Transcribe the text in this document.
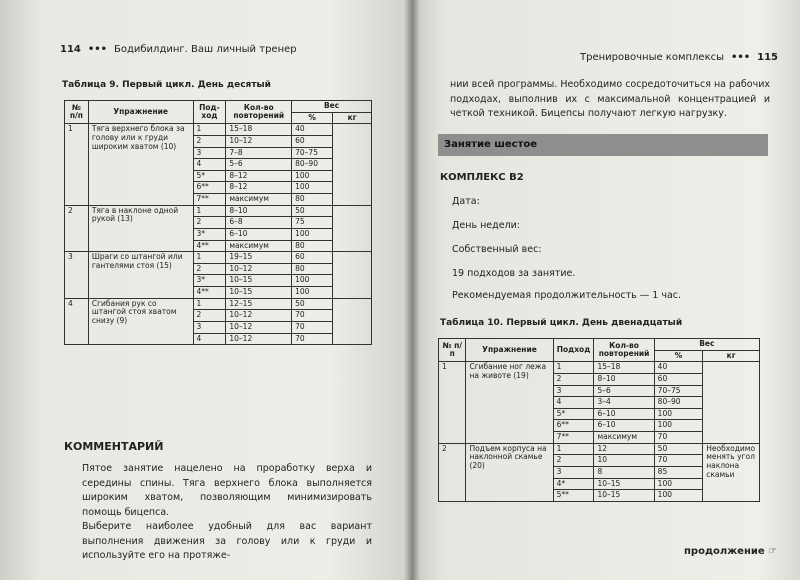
114 ••• Бодибилдинг. Ваш личный тренер
Таблица 9. Первый цикл. День десятый
№ п/п	Упражнение	Под-ход	Кол-во повторений	Вес	
				%	кг
1	Тяга верхнего блока за голову или к груди широким хватом (10)	1	15–18	40	
		2	10–12	60	
		3	7–8	70–75	
		4	5–6	80–90	
		5*	8–12	100	
		6**	8–12	100	
		7**	максимум	80	
2	Тяга в наклоне одной рукой (13)	1	8–10	50	
		2	6–8	75	
		3*	6–10	100	
		4**	максимум	80	
3	Шраги со штангой или гантелями стоя (15)	1	19–15	60	
		2	10–12	80	
		3*	10–15	100	
		4**	10–15	100	
4	Сгибания рук со штангой стоя хватом снизу (9)	1	12–15	50	
		2	10–12	70	
		3	10–12	70	
		4	10–12	70	
КОММЕНТАРИЙ
Пятое занятие нацелено на проработку верха и середины спины. Тяга верхнего блока выполняется широким хватом, позволяющим минимизировать помощь бицепса.
Выберите наиболее удобный для вас вариант выполнения движения за голову или к груди и используйте его на протяже-
Тренировочные комплексы ••• 115
нии всей программы. Необходимо сосредоточиться на рабочих подходах, выполнив их с максимальной концентрацией и четкой техникой. Бицепсы получают легкую нагрузку.
Занятие шестое
КОМПЛЕКС В2
Дата:
День недели:
Собственный вес:
19 подходов за занятие.
Рекомендуемая продолжительность — 1 час.
Таблица 10. Первый цикл. День двенадцатый
№ п/п	Упражнение	Подход	Кол-во повторений	Вес	
				%	кг
1	Сгибание ног лежа на животе (19)	1	15–18	40	
		2	8–10	60	
		3	5–6	70–75	
		4	3–4	80–90	
		5*	6–10	100	
		6**	6–10	100	
		7**	максимум	70	
2	Подъем корпуса на наклонной скамье (20)	1	12	50	Необходимо менять угол наклона скамьи
		2	10	70	
		3	8	85	
		4*	10–15	100	
		5**	10–15	100	
продолжение ☞
